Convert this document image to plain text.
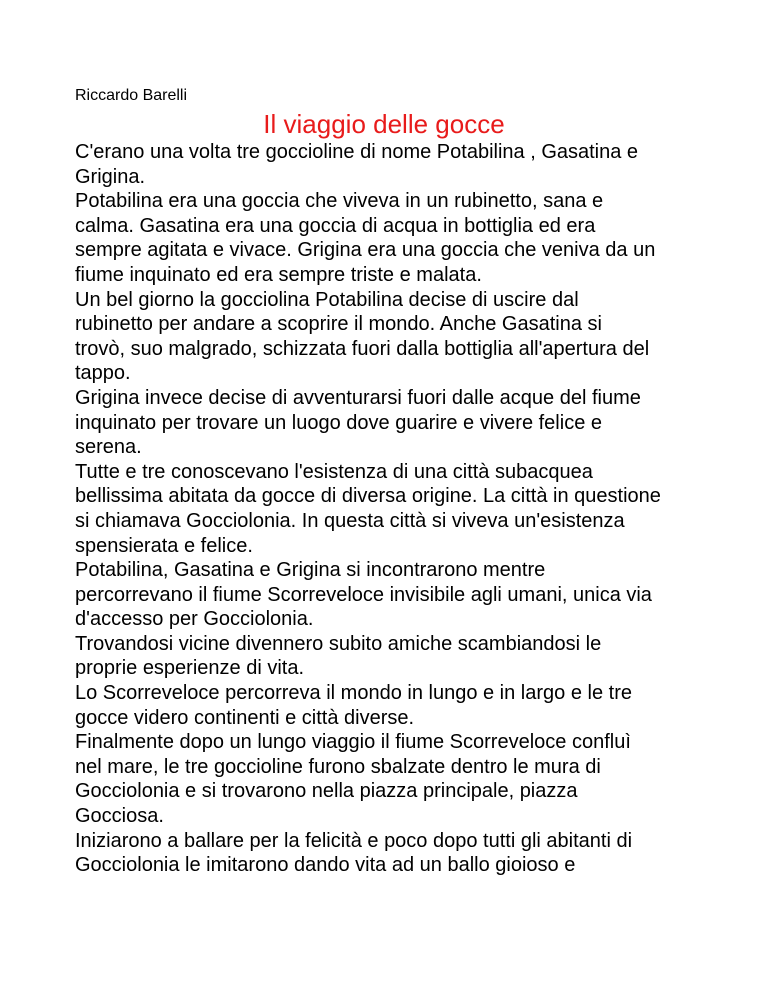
Riccardo Barelli
Il viaggio delle gocce
C'erano una volta tre goccioline di nome Potabilina , Gasatina e
Grigina.
Potabilina era una goccia che viveva in un rubinetto, sana e
calma. Gasatina era una goccia di acqua in bottiglia ed era
sempre agitata e vivace. Grigina era una goccia che veniva da un
fiume inquinato ed era sempre triste e malata.
Un bel giorno la gocciolina Potabilina decise di uscire dal
rubinetto per andare a scoprire il mondo. Anche Gasatina si
trovò, suo malgrado, schizzata fuori dalla bottiglia all'apertura del
tappo.
Grigina invece decise di avventurarsi fuori dalle acque del fiume
inquinato per trovare un luogo dove guarire e vivere felice e
serena.
Tutte e tre conoscevano l'esistenza di una città subacquea
bellissima abitata da gocce di diversa origine. La città in questione
si chiamava Gocciolonia. In questa città si viveva un'esistenza
spensierata e felice.
Potabilina, Gasatina e Grigina si incontrarono mentre
percorrevano il fiume Scorreveloce invisibile agli umani, unica via
d'accesso per Gocciolonia.
Trovandosi vicine divennero subito amiche scambiandosi le
proprie esperienze di vita.
Lo Scorreveloce percorreva il mondo in lungo e in largo e le tre
gocce videro continenti e città diverse.
Finalmente dopo un lungo viaggio il fiume Scorreveloce confluì
nel mare, le tre goccioline furono sbalzate dentro le mura di
Gocciolonia e si trovarono nella piazza principale, piazza
Gocciosa.
Iniziarono a ballare per la felicità e poco dopo tutti gli abitanti di
Gocciolonia le imitarono dando vita ad un ballo gioioso e
